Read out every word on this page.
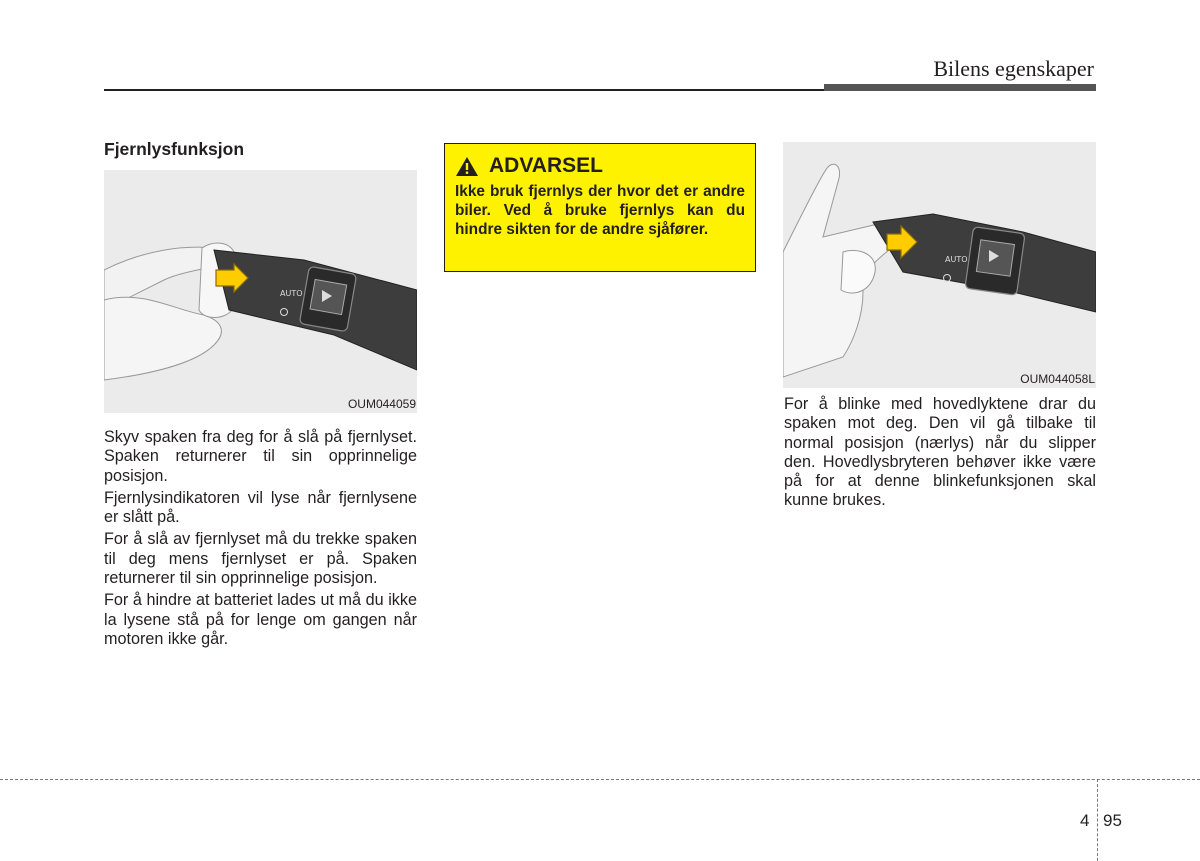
Bilens egenskaper
Fjernlysfunksjon
AUTO
OUM044059

Skyv spaken fra deg for å slå på fjernlyset. Spaken returnerer til sin opprinnelige posisjon.

Fjernlysindikatoren vil lyse når fjernlysene er slått på.

For å slå av fjernlyset må du trekke spaken til deg mens fjernlyset er på. Spaken returnerer til sin opprinnelige posisjon.

For å hindre at batteriet lades ut må du ikke la lysene stå på for lenge om gangen når motoren ikke går.

ADVARSEL
Ikke bruk fjernlys der hvor det er andre biler. Ved å bruke fjernlys kan du hindre sikten for de andre sjåfører.
AUTO
OUM044058L

For å blinke med hovedlyktene drar du spaken mot deg. Den vil gå tilbake til normal posisjon (nærlys) når du slipper den. Hovedlysbryteren behøver ikke være på for at denne blinkefunksjonen skal kunne brukes.

4 95
